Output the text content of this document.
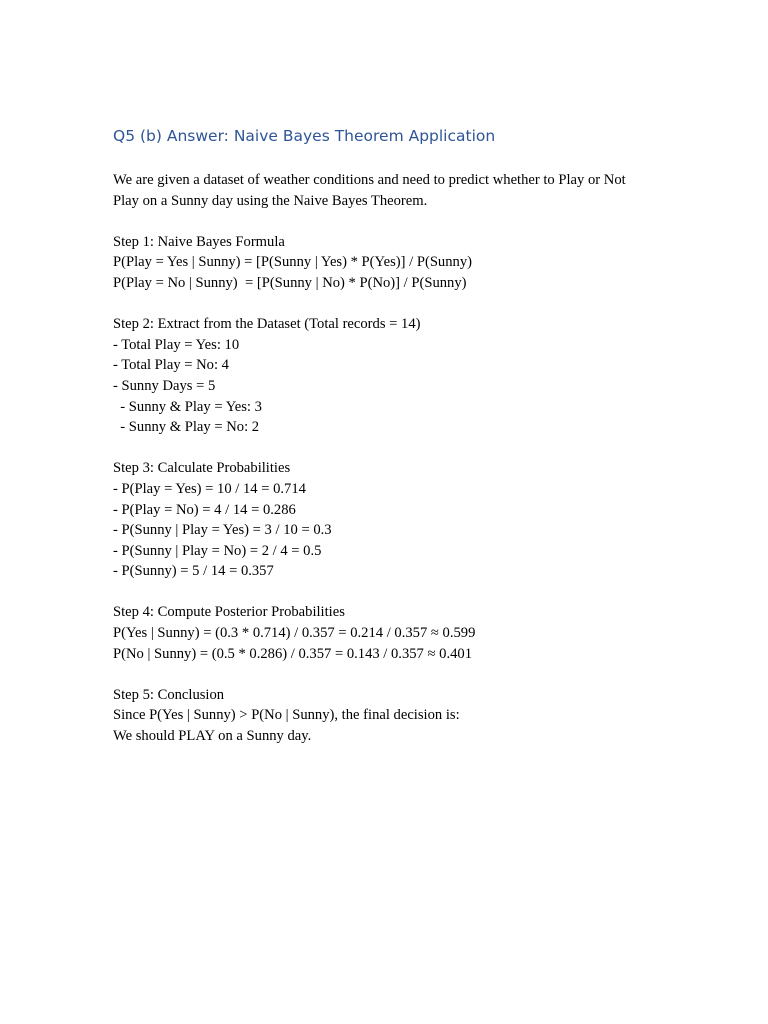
Q5 (b) Answer: Naive Bayes Theorem Application

We are given a dataset of weather conditions and need to predict whether to Play or Not
Play on a Sunny day using the Naive Bayes Theorem.

Step 1: Naive Bayes Formula
P(Play = Yes | Sunny) = [P(Sunny | Yes) * P(Yes)] / P(Sunny)
P(Play = No | Sunny)  = [P(Sunny | No) * P(No)] / P(Sunny)

Step 2: Extract from the Dataset (Total records = 14)
- Total Play = Yes: 10
- Total Play = No: 4
- Sunny Days = 5
- Sunny & Play = Yes: 3
- Sunny & Play = No: 2

Step 3: Calculate Probabilities
- P(Play = Yes) = 10 / 14 = 0.714
- P(Play = No) = 4 / 14 = 0.286
- P(Sunny | Play = Yes) = 3 / 10 = 0.3
- P(Sunny | Play = No) = 2 / 4 = 0.5
- P(Sunny) = 5 / 14 = 0.357

Step 4: Compute Posterior Probabilities
P(Yes | Sunny) = (0.3 * 0.714) / 0.357 = 0.214 / 0.357 ≈ 0.599
P(No | Sunny) = (0.5 * 0.286) / 0.357 = 0.143 / 0.357 ≈ 0.401

Step 5: Conclusion
Since P(Yes | Sunny) > P(No | Sunny), the final decision is:
We should PLAY on a Sunny day.
